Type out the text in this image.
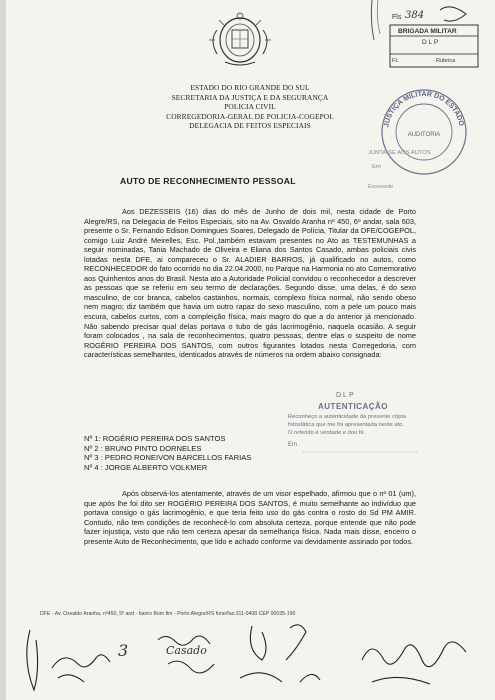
ESTADO DO RIO GRANDE DO SUL
SECRETARIA DA JUSTIÇA E DA SEGURANÇA
POLICIA CIVIL
CORREGEDORIA-GERAL DE POLICIA-COGEPOL
DELEGACIA DE FEITOS ESPECIAIS
Fls 384
BRIGADA MILITAR
D L P
FL	Rubrica
JUSTIÇA MILITAR DO ESTADO
AUDITORIA
JUNTA-SE AOS AUTOS
Em
Escrevente
AUTO DE RECONHECIMENTO PESSOAL

Aos DEZESSEIS (16) dias do mês de Junho de dois mil, nesta cidade de Porto Alegre/RS, na Delegacia de Feitos Especiais, sito na Av. Osvaldo Aranha nº 450, 6º andar, sala 603, presente o Sr. Fernando Edison Domingues Soares, Delegado de Polícia, Titular da DFE/COGEPOL, comigo Luiz André Meirelles, Esc. Pol.,também estavam presentes no Ato as TESTEMUNHAS a seguir nominadas, Tania Machado de Oliveira e Eliana dos Santos Casado, ambas policiais civis lotadas nesta DFE, ai compareceu o Sr. ALADIER BARROS, já qualificado no autos, como RECONHECEDOR do fato ocorrido no dia 22.04.2000, no Parque na Harmonia no ato Comemorativo aos Quinhentos anos do Brasil. Nesta ato a Autoridade Policial convidou o reconhecedor a descrever as pessoas que se referiu em seu termo de declarações. Segundo disse, uma delas, é do sexo masculino, de cor branca, cabelos castanhos, normais, complexo física normal, não sendo obeso nem magro; diz também que havia um outro rapaz do sexo masculino, com a pele um pouco mais escura, cabelos curtos, com a compleição física, mais magro do que a do anterior já mencionado. Não sabendo precisar qual delas portava o tubo de gás lacrimogênio, naquela ocasião. A seguir foram colocados , na sala de reconhecimentos, quatro pessoas, dentre elas o suspeito de nome ROGÉRIO PEREIRA DOS SANTOS, com outros figurantes lotados nesta Corregedoria, com características semelhantes, identicados através de números na ordem abaixo consignada:

Nº 1: ROGÉRIO PEREIRA DOS SANTOS
Nº 2 : BRUNO PINTO DORNELES
Nº 3 : PEDRO RONEIVON BARCELLOS FARIAS
Nº 4 : JORGE ALBERTO VOLKMER
DLP
AUTENTICAÇÃO
Reconheço a autenticidade da presente cópia
fotostática que me foi apresentada neste ato.
O referido é verdade e dou fé.
Em
Após observá-los atentamente, através de um visor espelhado, afirmou que o nº 01 (um), que após lhe foi dito ser ROGÉRIO PEREIRA DOS SANTOS, é muito semelhante ao indivíduo que portava consigo o gás lacrimogênio, e que teria feito uso do gás contra o rosto do Sd PM AMIR. Contudo, não tem condições de reconhecê-lo com absoluta certeza, porque entende que não pode fazer injustiça, visto que não tem certeza apesar da semelhança física. Nada mais disse, encerro o presente Auto de Reconhecimento, que lido e achado conforme vai devidamente assinado por todos.
DFE - Av. Osvaldo Aranha, nº450, 5º and - bairro Bom fim - Porto Alegre/RS fone/fax:311-0408 CEP 90035-190
3	Casado
